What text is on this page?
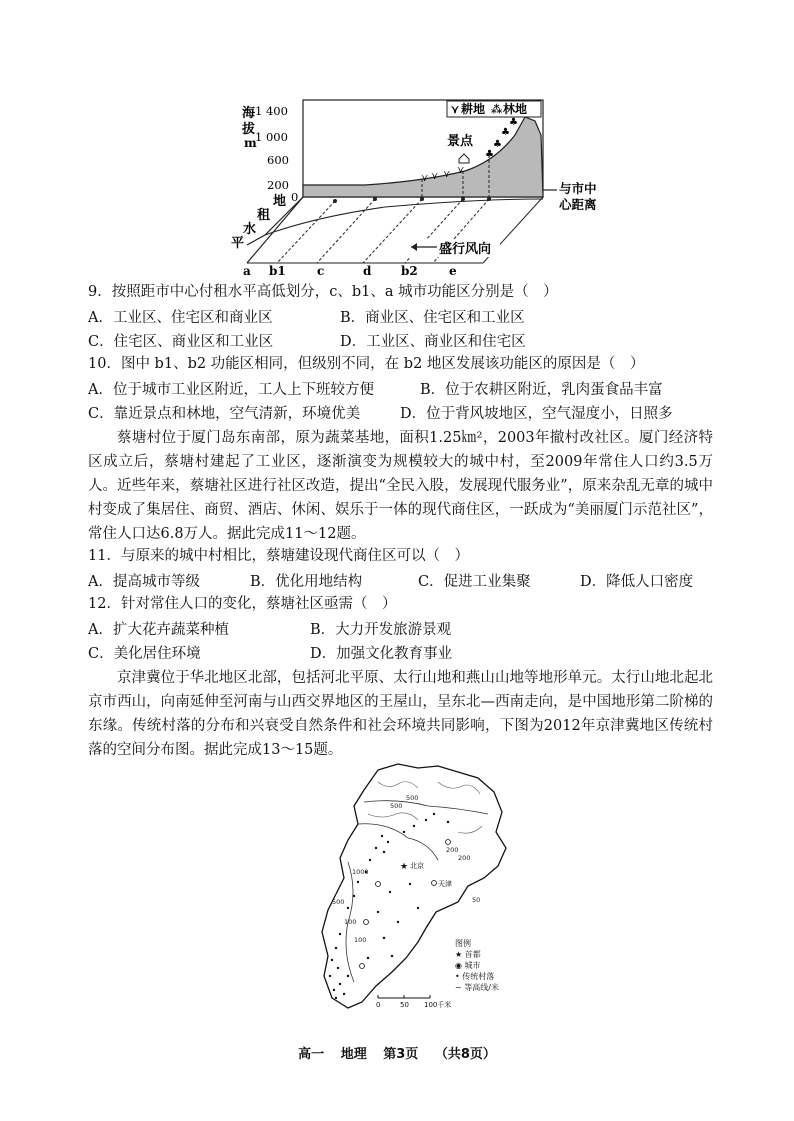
海
拔
m
1 400
1 000
600
200
0
⋎ 耕地 ⁂ 林地
⋎ ⋎ ⋎ ⋎
♣
♣
♣
♣
景点
与市中
心距离
地
租
水
平	盛行风向
a b1	c	d b2	e
9．按照距市中心付租水平高低划分，c、b1、a 城市功能区分别是（　）
A．工业区、住宅区和商业区	B．商业区、住宅区和工业区
C．住宅区、商业区和工业区	D．工业区、商业区和住宅区
10．图中 b1、b2 功能区相同，但级别不同，在 b2 地区发展该功能区的原因是（　）
A．位于城市工业区附近，工人上下班较方便	B．位于农耕区附近，乳肉蛋食品丰富
C．靠近景点和林地，空气清新，环境优美	D．位于背风坡地区，空气湿度小，日照多

蔡塘村位于厦门岛东南部，原为蔬菜基地，面积1.25㎞²，2003年撤村改社区。厦门经济特区成立后，蔡塘村建起了工业区，逐渐演变为规模较大的城中村，至2009年常住人口约3.5万人。近些年来，蔡塘社区进行社区改造，提出“全民入股，发展现代服务业”，原来杂乱无章的城中村变成了集居住、商贸、酒店、休闲、娱乐于一体的现代商住区，一跃成为“美丽厦门示范社区”，常住人口达6.8万人。据此完成11～12题。

11．与原来的城中村相比，蔡塘建设现代商住区可以（　）
A．提高城市等级	B．优化用地结构	C．促进工业集聚	D．降低人口密度
12．针对常住人口的变化，蔡塘社区亟需（　）
A．扩大花卉蔬菜种植	B．大力开发旅游景观
C．美化居住环境	D．加强文化教育事业

京津冀位于华北地区北部，包括河北平原、太行山地和燕山山地等地形单元。太行山地北起北京市西山，向南延伸至河南与山西交界地区的王屋山，呈东北—西南走向，是中国地形第二阶梯的东缘。传统村落的分布和兴衰受自然条件和社会环境共同影响，下图为2012年京津冀地区传统村落的空间分布图。据此完成13～15题。

★ 北京
天津
500
1000
200
500
200
100
50
500
100
0	50 100千米
图例
★ 首都
◉ 城市
• 传统村落
~ 等高线/米
高一 地理 第3页 （共8页）
